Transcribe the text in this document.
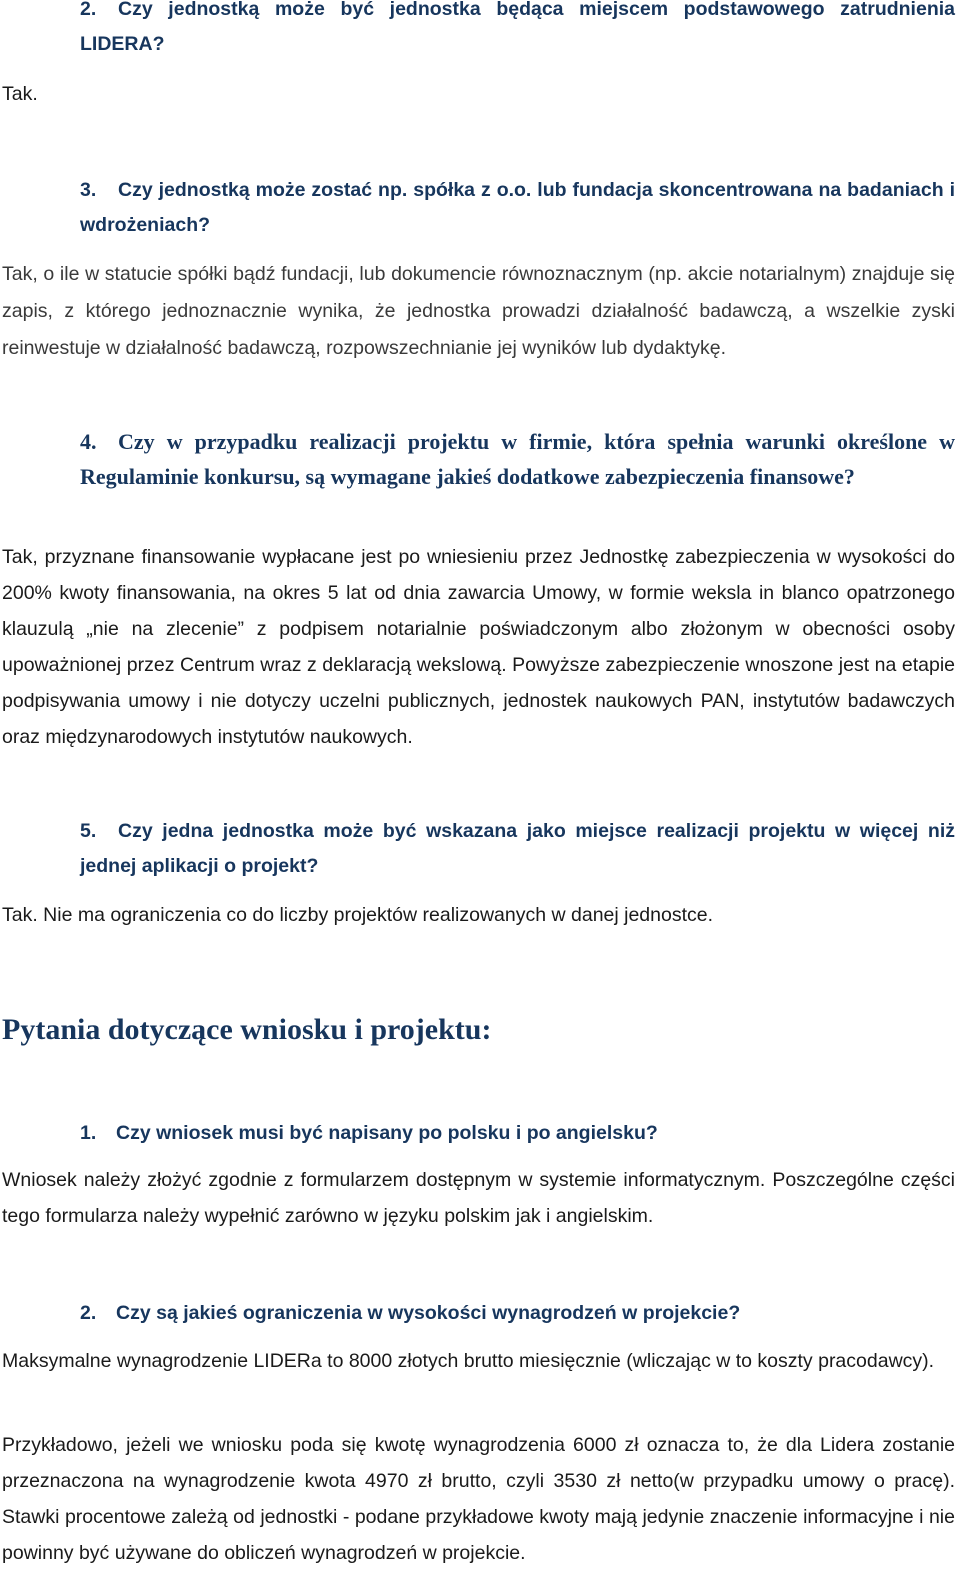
2. Czy jednostką może być jednostka będąca miejscem podstawowego zatrudnienia LIDERA?

Tak.

3. Czy jednostką może zostać np. spółka z o.o. lub fundacja skoncentrowana na badaniach i wdrożeniach?

Tak, o ile w statucie spółki bądź fundacji, lub dokumencie równoznacznym (np. akcie notarialnym) znajduje się zapis, z którego jednoznacznie wynika, że jednostka prowadzi działalność badawczą, a wszelkie zyski reinwestuje w działalność badawczą, rozpowszechnianie jej wyników lub dydaktykę.

4. Czy w przypadku realizacji projektu w firmie, która spełnia warunki określone w Regulaminie konkursu, są wymagane jakieś dodatkowe zabezpieczenia finansowe?

Tak, przyznane finansowanie wypłacane jest po wniesieniu przez Jednostkę zabezpieczenia w wysokości do 200% kwoty finansowania, na okres 5 lat od dnia zawarcia Umowy, w formie weksla in blanco opatrzonego klauzulą „nie na zlecenie” z podpisem notarialnie poświadczonym albo złożonym w obecności osoby upoważnionej przez Centrum wraz z deklaracją wekslową. Powyższe zabezpieczenie wnoszone jest na etapie podpisywania umowy i nie dotyczy uczelni publicznych, jednostek naukowych PAN, instytutów badawczych oraz międzynarodowych instytutów naukowych.

5. Czy jedna jednostka może być wskazana jako miejsce realizacji projektu w więcej niż jednej aplikacji o projekt?

Tak. Nie ma ograniczenia co do liczby projektów realizowanych w danej jednostce.

Pytania dotyczące wniosku i projektu:
1. Czy wniosek musi być napisany po polsku i po angielsku?

Wniosek należy złożyć zgodnie z formularzem dostępnym w systemie informatycznym. Poszczególne części tego formularza należy wypełnić zarówno w języku polskim jak i angielskim.

2. Czy są jakieś ograniczenia w wysokości wynagrodzeń w projekcie?

Maksymalne wynagrodzenie LIDERa to 8000 złotych brutto miesięcznie (wliczając w to koszty pracodawcy).

Przykładowo, jeżeli we wniosku poda się kwotę wynagrodzenia 6000 zł oznacza to, że dla Lidera zostanie przeznaczona na wynagrodzenie kwota 4970 zł brutto, czyli 3530 zł netto(w przypadku umowy o pracę). Stawki procentowe zależą od jednostki - podane przykładowe kwoty mają jedynie znaczenie informacyjne i nie powinny być używane do obliczeń wynagrodzeń w projekcie.
